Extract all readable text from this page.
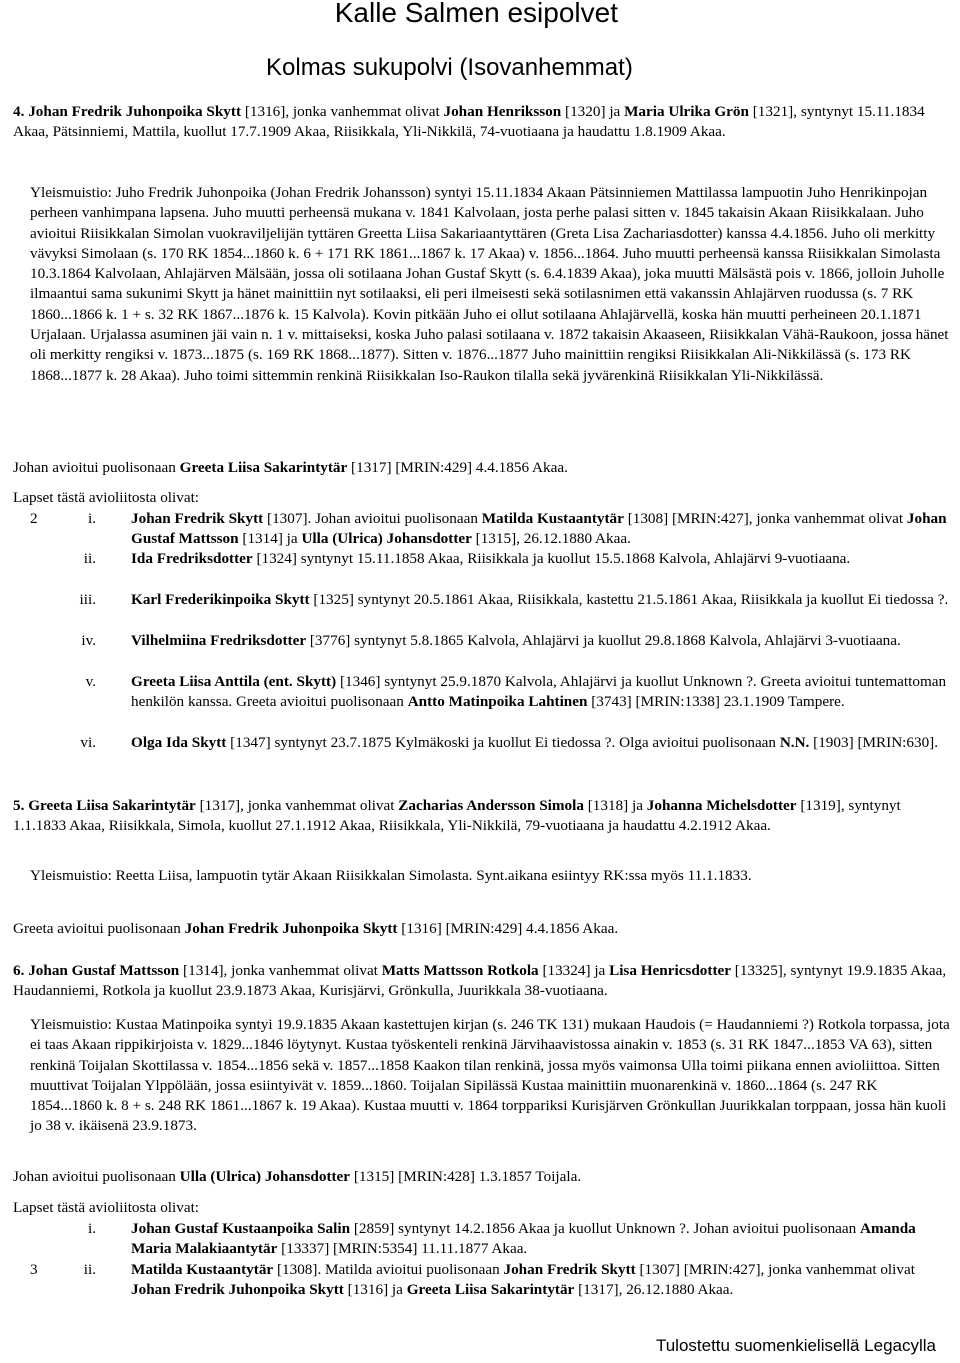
Kalle Salmen esipolvet
Kolmas sukupolvi (Isovanhemmat)
4. Johan Fredrik Juhonpoika Skytt [1316], jonka vanhemmat olivat Johan Henriksson [1320] ja Maria Ulrika Grön [1321], syntynyt 15.11.1834 Akaa, Pätsinniemi, Mattila, kuollut 17.7.1909 Akaa, Riisikkala, Yli-Nikkilä, 74-vuotiaana ja haudattu 1.8.1909 Akaa.
Yleismuistio: Juho Fredrik Juhonpoika (Johan Fredrik Johansson) syntyi 15.11.1834 Akaan Pätsinniemen Mattilassa lampuotin Juho Henrikinpojan perheen vanhimpana lapsena. Juho muutti perheensä mukana v. 1841 Kalvolaan, josta perhe palasi sitten v. 1845 takaisin Akaan Riisikkalaan. Juho avioitui Riisikkalan Simolan vuokraviljelijän tyttären Greetta Liisa Sakariaantyttären (Greta Lisa Zachariasdotter) kanssa 4.4.1856. Juho oli merkitty vävyksi Simolaan (s. 170 RK 1854...1860 k. 6 + 171 RK 1861...1867 k. 17 Akaa) v. 1856...1864. Juho muutti perheensä kanssa Riisikkalan Simolasta 10.3.1864 Kalvolaan, Ahlajärven Mälsään, jossa oli sotilaana Johan Gustaf Skytt (s. 6.4.1839 Akaa), joka muutti Mälsästä pois v. 1866, jolloin Juholle ilmaantui sama sukunimi Skytt ja hänet mainittiin nyt sotilaaksi, eli peri ilmeisesti sekä sotilasnimen että vakanssin Ahlajärven ruodussa (s. 7 RK 1860...1866 k. 1 + s. 32 RK 1867...1876 k. 15 Kalvola). Kovin pitkään Juho ei ollut sotilaana Ahlajärvellä, koska hän muutti perheineen 20.1.1871 Urjalaan. Urjalassa asuminen jäi vain n. 1 v. mittaiseksi, koska Juho palasi sotilaana v. 1872 takaisin Akaaseen, Riisikkalan Vähä-Raukoon, jossa hänet oli merkitty rengiksi v. 1873...1875 (s. 169 RK 1868...1877). Sitten v. 1876...1877 Juho mainittiin rengiksi Riisikkalan Ali-Nikkilässä (s. 173 RK 1868...1877 k. 28 Akaa). Juho toimi sittemmin renkinä Riisikkalan Iso-Raukon tilalla sekä jyvärenkinä Riisikkalan Yli-Nikkilässä.
Johan avioitui puolisonaan Greeta Liisa Sakarintytär [1317] [MRIN:429] 4.4.1856 Akaa.
Lapset tästä avioliitosta olivat:
2	i. Johan Fredrik Skytt [1307]. Johan avioitui puolisonaan Matilda Kustaantytär [1308] [MRIN:427], jonka vanhemmat olivat Johan Gustaf Mattsson [1314] ja Ulla (Ulrica) Johansdotter [1315], 26.12.1880 Akaa.
ii. Ida Fredriksdotter [1324] syntynyt 15.11.1858 Akaa, Riisikkala ja kuollut 15.5.1868 Kalvola, Ahlajärvi 9-vuotiaana.
iii. Karl Frederikinpoika Skytt [1325] syntynyt 20.5.1861 Akaa, Riisikkala, kastettu 21.5.1861 Akaa, Riisikkala ja kuollut Ei tiedossa ?.
iv. Vilhelmiina Fredriksdotter [3776] syntynyt 5.8.1865 Kalvola, Ahlajärvi ja kuollut 29.8.1868 Kalvola, Ahlajärvi 3-vuotiaana.
v. Greeta Liisa Anttila (ent. Skytt) [1346] syntynyt 25.9.1870 Kalvola, Ahlajärvi ja kuollut Unknown ?. Greeta avioitui tuntemattoman henkilön kanssa. Greeta avioitui puolisonaan Antto Matinpoika Lahtinen [3743] [MRIN:1338] 23.1.1909 Tampere.
vi. Olga Ida Skytt [1347] syntynyt 23.7.1875 Kylmäkoski ja kuollut Ei tiedossa ?. Olga avioitui puolisonaan N.N. [1903] [MRIN:630].
5. Greeta Liisa Sakarintytär [1317], jonka vanhemmat olivat Zacharias Andersson Simola [1318] ja Johanna Michelsdotter [1319], syntynyt 1.1.1833 Akaa, Riisikkala, Simola, kuollut 27.1.1912 Akaa, Riisikkala, Yli-Nikkilä, 79-vuotiaana ja haudattu 4.2.1912 Akaa.
Yleismuistio: Reetta Liisa, lampuotin tytär Akaan Riisikkalan Simolasta. Synt.aikana esiintyy RK:ssa myös 11.1.1833.
Greeta avioitui puolisonaan Johan Fredrik Juhonpoika Skytt [1316] [MRIN:429] 4.4.1856 Akaa.
6. Johan Gustaf Mattsson [1314], jonka vanhemmat olivat Matts Mattsson Rotkola [13324] ja Lisa Henricsdotter [13325], syntynyt 19.9.1835 Akaa, Haudanniemi, Rotkola ja kuollut 23.9.1873 Akaa, Kurisjärvi, Grönkulla, Juurikkala 38-vuotiaana.
Yleismuistio: Kustaa Matinpoika syntyi 19.9.1835 Akaan kastettujen kirjan (s. 246 TK 131) mukaan Haudois (= Haudanniemi ?) Rotkola torpassa, jota ei taas Akaan rippikirjoista v. 1829...1846 löytynyt. Kustaa työskenteli renkinä Järvihaavistossa ainakin v. 1853 (s. 31 RK 1847...1853 VA 63), sitten renkinä Toijalan Skottilassa v. 1854...1856 sekä v. 1857...1858 Kaakon tilan renkinä, jossa myös vaimonsa Ulla toimi piikana ennen avioliittoa. Sitten muuttivat Toijalan Ylppölään, jossa esiintyivät v. 1859...1860. Toijalan Sipilässä Kustaa mainittiin muonarenkinä v. 1860...1864 (s. 247 RK 1854...1860 k. 8 + s. 248 RK 1861...1867 k. 19 Akaa). Kustaa muutti v. 1864 torppariksi Kurisjärven Grönkullan Juurikkalan torppaan, jossa hän kuoli jo 38 v. ikäisenä 23.9.1873.
Johan avioitui puolisonaan Ulla (Ulrica) Johansdotter [1315] [MRIN:428] 1.3.1857 Toijala.
Lapset tästä avioliitosta olivat:
i. Johan Gustaf Kustaanpoika Salin [2859] syntynyt 14.2.1856 Akaa ja kuollut Unknown ?. Johan avioitui puolisonaan Amanda Maria Malakiaantytär [13337] [MRIN:5354] 11.11.1877 Akaa.
3	ii. Matilda Kustaantytär [1308]. Matilda avioitui puolisonaan Johan Fredrik Skytt [1307] [MRIN:427], jonka vanhemmat olivat Johan Fredrik Juhonpoika Skytt [1316] ja Greeta Liisa Sakarintytär [1317], 26.12.1880 Akaa.
Tulostettu suomenkielisellä Legacylla
